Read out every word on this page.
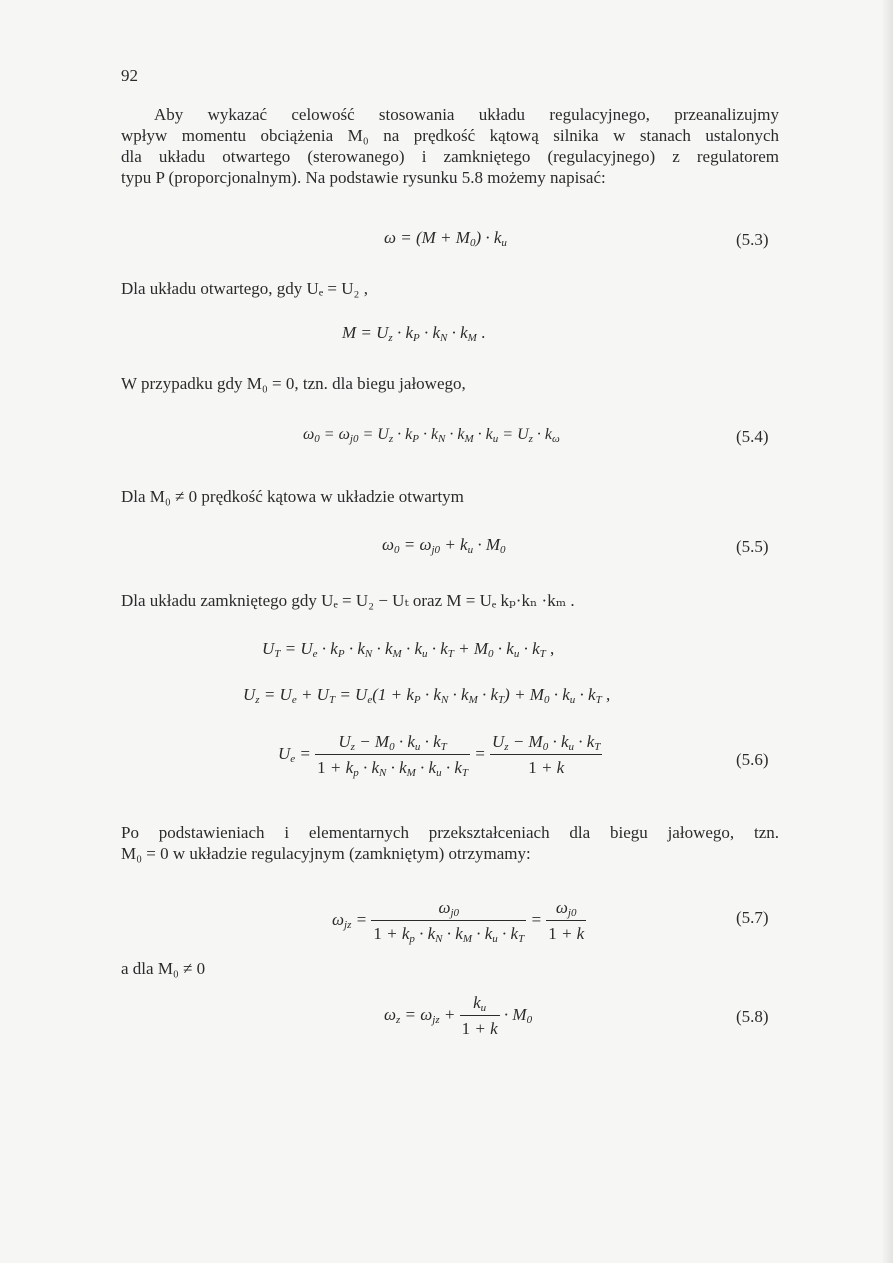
92
Aby wykazać celowość stosowania układu regulacyjnego, przeanalizujmy
wpływ momentu obciążenia M₀ na prędkość kątową silnika w stanach ustalonych
dla układu otwartego (sterowanego) i zamkniętego (regulacyjnego) z regulatorem
typu P (proporcjonalnym). Na podstawie rysunku 5.8 możemy napisać:
$\omega = (M + M_0) \cdot k_u$	(5.3)
Dla układu otwartego, gdy Uₑ = U₂ ,
$M = U_z \cdot k_P \cdot k_N \cdot k_M$ .
W przypadku gdy M₀ = 0, tzn. dla biegu jałowego,
$\omega_0 = \omega_{j0} = U_z \cdot k_P \cdot k_N \cdot k_M \cdot k_u = U_z \cdot k_\omega$	(5.4)
Dla M₀ ≠ 0 prędkość kątowa w układzie otwartym
$\omega_0 = \omega_{j0} + k_u \cdot M_0$	(5.5)
Dla układu zamkniętego gdy Uₑ = U₂ − Uₜ oraz M = Uₑ kₚ·kₙ ·kₘ .
$U_T = U_e \cdot k_P \cdot k_N \cdot k_M \cdot k_u \cdot k_T + M_0 \cdot k_u \cdot k_T$ ,
$U_z = U_e + U_T = U_e(1 + k_P \cdot k_N \cdot k_M \cdot k_T) + M_0 \cdot k_u \cdot k_T$ ,
$U_e = \frac{U_z - M_0 \cdot k_u \cdot k_T}{1 + k_p \cdot k_N \cdot k_M \cdot k_u \cdot k_T} = \frac{U_z - M_0 \cdot k_u \cdot k_T}{1 + k}$	(5.6)
Po podstawieniach i elementarnych przekształceniach dla biegu jałowego, tzn.
M₀ = 0 w układzie regulacyjnym (zamkniętym) otrzymamy:
$\omega_{jz} = \frac{\omega_{j0}}{1 + k_p \cdot k_N \cdot k_M \cdot k_u \cdot k_T} = \frac{\omega_{j0}}{1 + k}$	(5.7)
a dla M₀ ≠ 0
$\omega_z = \omega_{jz} + \frac{k_u}{1 + k} \cdot M_0$	(5.8)
